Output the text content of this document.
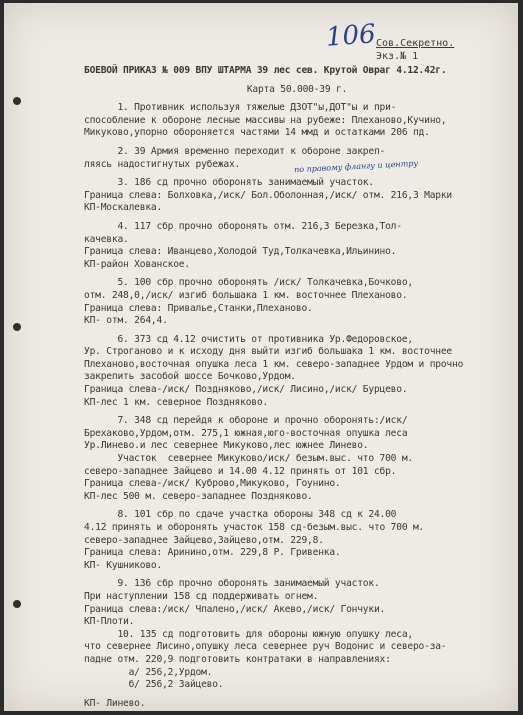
106 Сов.Секретно.
Экз.№ 1
по правому флангу и центру
БОЕВОЙ ПРИКАЗ № 009 ВПУ ШТАРМА 39 лес сев. Крутой Овраг 4.12.42г.
Карта 50.000-39 г.
1. Противник используя тяжелые ДЗОТ"ы,ДОТ"ы и при-
способление к обороне лесные массивы на рубеже: Плехановo,Кучино,
Микуково,упорно обороняется частями 14 ммд и остатками 206 пд.
2. 39 Армия временно переходит к обороне закреп-
ляясь надостигнутых рубежах.
3. 186 сд прочно оборонять занимаемый участок.
Граница слева: Болховка,/иск/ Бол.Оболонная,/иск/ отм. 216,3 Марки
КП-Москалевка.
4. 117 сбр прочно оборонять отм. 216,3 Березка,Тол-
качевка.
Граница слева: Иванцево,Холодой Туд,Толкачевка,Ильинино.
КП-район Хованское.
5. 100 сбр прочно оборонять /иск/ Толкачевка,Бочково,
отм. 248,0,/иск/ изгиб большака 1 км. восточнее Плеханово.
Граница слева: Привалье,Станки,Плеханово.
КП- отм. 264,4.
6. 373 сд 4.12 очистить от противника Ур.Федоровское,
Ур. Строганово и к исходу дня выйти изгиб большака 1 км. восточнее
Плеханово,восточная опушка леса 1 км. северо-западнее Урдом и прочно
закрепить засобой шоссе Бочково,Урдом.
Граница слева-/иск/ Поздняково,/иск/ Лисино,/иск/ Бурцево.
КП-лес 1 км. северное Поздняково.
7. 348 сд перейдя к обороне и прочно оборонять:/иск/
Брехаково,Урдом,отм. 275,1 южная,юго-восточная опушка леса
Ур.Линево.и лес севернее Микуково,лес южнее Линево.
Участок  севернее Микуково/иск/ безым.выс. что 700 м.
северо-западнее Зайцево и 14.00 4.12 принять от 101 сбр.
Граница слева-/иск/ Кубрoво,Микуково, Гоунино.
КП-лес 500 м. северо-западнее Поздняково.
8. 101 сбр по сдаче участка обороны 348 сд к 24.00
4.12 принять и оборонять участок 158 сд-безым.выс. что 700 м.
северо-западнее Зайцево,Зайцево,отм. 229,8.
Граница слева: Аринино,отм. 229,8 Р. Гривенка.
КП- Кушниково.
9. 136 сбр прочно оборонять занимаемый участок.
При наступлении 158 сд поддерживать огнем.
Граница слева:/иск/ Чпалено,/иск/ Акево,/иск/ Гончуки.
КП-Плоти.
10. 135 сд подготовить для обороны южную опушку леса,
что севернее Лисино,опушку леса севернее руч Водонис и северо-за-
падне отм. 220,9 подготовить контратаки в направлениях:
а/ 256,2,Урдом.
б/ 256,2 Зайцево.
КП- Линево.
